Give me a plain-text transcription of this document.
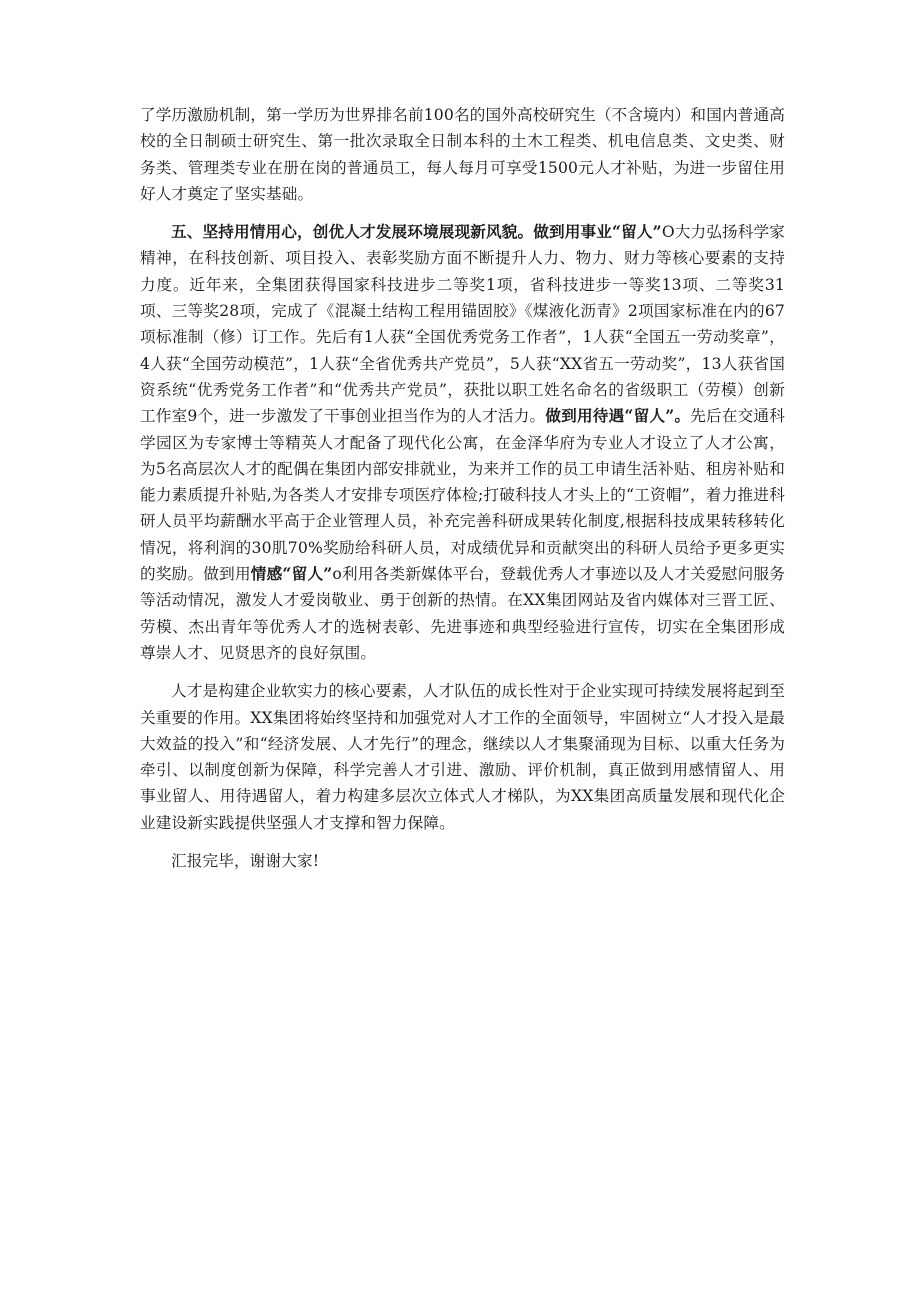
了学历激励机制，第一学历为世界排名前100名的国外高校研究生（不含境内）和国内普通高校的全日制硕士研究生、第一批次录取全日制本科的土木工程类、机电信息类、文史类、财务类、管理类专业在册在岗的普通员工，每人每月可享受1500元人才补贴，为进一步留住用好人才奠定了坚实基础。

五、坚持用情用心，创优人才发展环境展现新风貌。做到用事业“留人”O大力弘扬科学家精神，在科技创新、项目投入、表彰奖励方面不断提升人力、物力、财力等核心要素的支持力度。近年来，全集团获得国家科技进步二等奖1项，省科技进步一等奖13项、二等奖31项、三等奖28项，完成了《混凝土结构工程用锚固胶》《煤液化沥青》2项国家标准在内的67项标准制（修）订工作。先后有1人获“全国优秀党务工作者”，1人获“全国五一劳动奖章”，4人获“全国劳动模范”，1人获“全省优秀共产党员”，5人获“XX省五一劳动奖”，13人获省国资系统“优秀党务工作者”和“优秀共产党员”，获批以职工姓名命名的省级职工（劳模）创新工作室9个，进一步激发了干事创业担当作为的人才活力。做到用待遇“留人”。先后在交通科学园区为专家博士等精英人才配备了现代化公寓，在金泽华府为专业人才设立了人才公寓，为5名高层次人才的配偶在集团内部安排就业，为来并工作的员工申请生活补贴、租房补贴和能力素质提升补贴,为各类人才安排专项医疗体检;打破科技人才头上的“工资帽”，着力推进科研人员平均薪酬水平高于企业管理人员，补充完善科研成果转化制度,根据科技成果转移转化情况，将利润的30肌70%奖励给科研人员，对成绩优异和贡献突出的科研人员给予更多更实的奖励。做到用情感“留人”o利用各类新媒体平台，登载优秀人才事迹以及人才关爱慰问服务等活动情况，激发人才爱岗敬业、勇于创新的热情。在XX集团网站及省内媒体对三晋工匠、劳模、杰出青年等优秀人才的选树表彰、先进事迹和典型经验进行宣传，切实在全集团形成尊崇人才、见贤思齐的良好氛围。

人才是构建企业软实力的核心要素，人才队伍的成长性对于企业实现可持续发展将起到至关重要的作用。XX集团将始终坚持和加强党对人才工作的全面领导，牢固树立“人才投入是最大效益的投入”和“经济发展、人才先行”的理念，继续以人才集聚涌现为目标、以重大任务为牵引、以制度创新为保障，科学完善人才引进、激励、评价机制，真正做到用感情留人、用事业留人、用待遇留人，着力构建多层次立体式人才梯队，为XX集团高质量发展和现代化企业建设新实践提供坚强人才支撑和智力保障。

汇报完毕，谢谢大家!
